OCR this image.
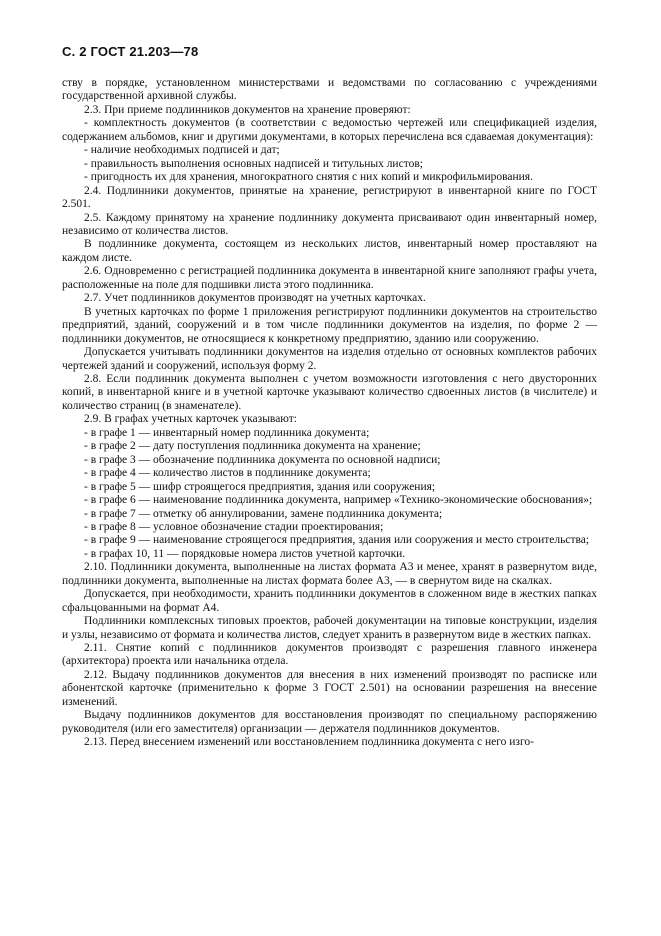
С. 2 ГОСТ 21.203—78

ству в порядке, установленном министерствами и ведомствами по согласованию с учреждениями государственной архивной службы.

2.3. При приеме подлинников документов на хранение проверяют:

- комплектность документов (в соответствии с ведомостью чертежей или спецификацией изделия, содержанием альбомов, книг и другими документами, в которых перечислена вся сдаваемая документация):

- наличие необходимых подписей и дат;

- правильность выполнения основных надписей и титульных листов;

- пригодность их для хранения, многократного снятия с них копий и микрофильмирования.

2.4. Подлинники документов, принятые на хранение, регистрируют в инвентарной книге по ГОСТ 2.501.

2.5. Каждому принятому на хранение подлиннику документа присваивают один инвентарный номер, независимо от количества листов.

В подлиннике документа, состоящем из нескольких листов, инвентарный номер проставляют на каждом листе.

2.6. Одновременно с регистрацией подлинника документа в инвентарной книге заполняют графы учета, расположенные на поле для подшивки листа этого подлинника.

2.7. Учет подлинников документов производят на учетных карточках.

В учетных карточках по форме 1 приложения регистрируют подлинники документов на строительство предприятий, зданий, сооружений и в том числе подлинники документов на изделия, по форме 2 — подлинники документов, не относящиеся к конкретному предприятию, зданию или сооружению.

Допускается учитывать подлинники документов на изделия отдельно от основных комплектов рабочих чертежей зданий и сооружений, используя форму 2.

2.8. Если подлинник документа выполнен с учетом возможности изготовления с него двусторонних копий, в инвентарной книге и в учетной карточке указывают количество сдвоенных листов (в числителе) и количество страниц (в знаменателе).

2.9. В графах учетных карточек указывают:

- в графе 1 — инвентарный номер подлинника документа;

- в графе 2 — дату поступления подлинника документа на хранение;

- в графе 3 — обозначение подлинника документа по основной надписи;

- в графе 4 — количество листов в подлиннике документа;

- в графе 5 — шифр строящегося предприятия, здания или сооружения;

- в графе 6 — наименование подлинника документа, например «Технико-экономические обоснования»;

- в графе 7 — отметку об аннулировании, замене подлинника документа;

- в графе 8 — условное обозначение стадии проектирования;

- в графе 9 — наименование строящегося предприятия, здания или сооружения и место строительства;

- в графах 10, 11 — порядковые номера листов учетной карточки.

2.10. Подлинники документа, выполненные на листах формата А3 и менее, хранят в развернутом виде, подлинники документа, выполненные на листах формата более А3, — в свернутом виде на скалках.

Допускается, при необходимости, хранить подлинники документов в сложенном виде в жестких папках сфальцованными на формат А4.

Подлинники комплексных типовых проектов, рабочей документации на типовые конструкции, изделия и узлы, независимо от формата и количества листов, следует хранить в развернутом виде в жестких папках.

2.11. Снятие копий с подлинников документов производят с разрешения главного инженера (архитектора) проекта или начальника отдела.

2.12. Выдачу подлинников документов для внесения в них изменений производят по расписке или абонентской карточке (применительно к форме 3 ГОСТ 2.501) на основании разрешения на внесение изменений.

Выдачу подлинников документов для восстановления производят по специальному распоряжению руководителя (или его заместителя) организации — держателя подлинников документов.

2.13. Перед внесением изменений или восстановлением подлинника документа с него изго-
